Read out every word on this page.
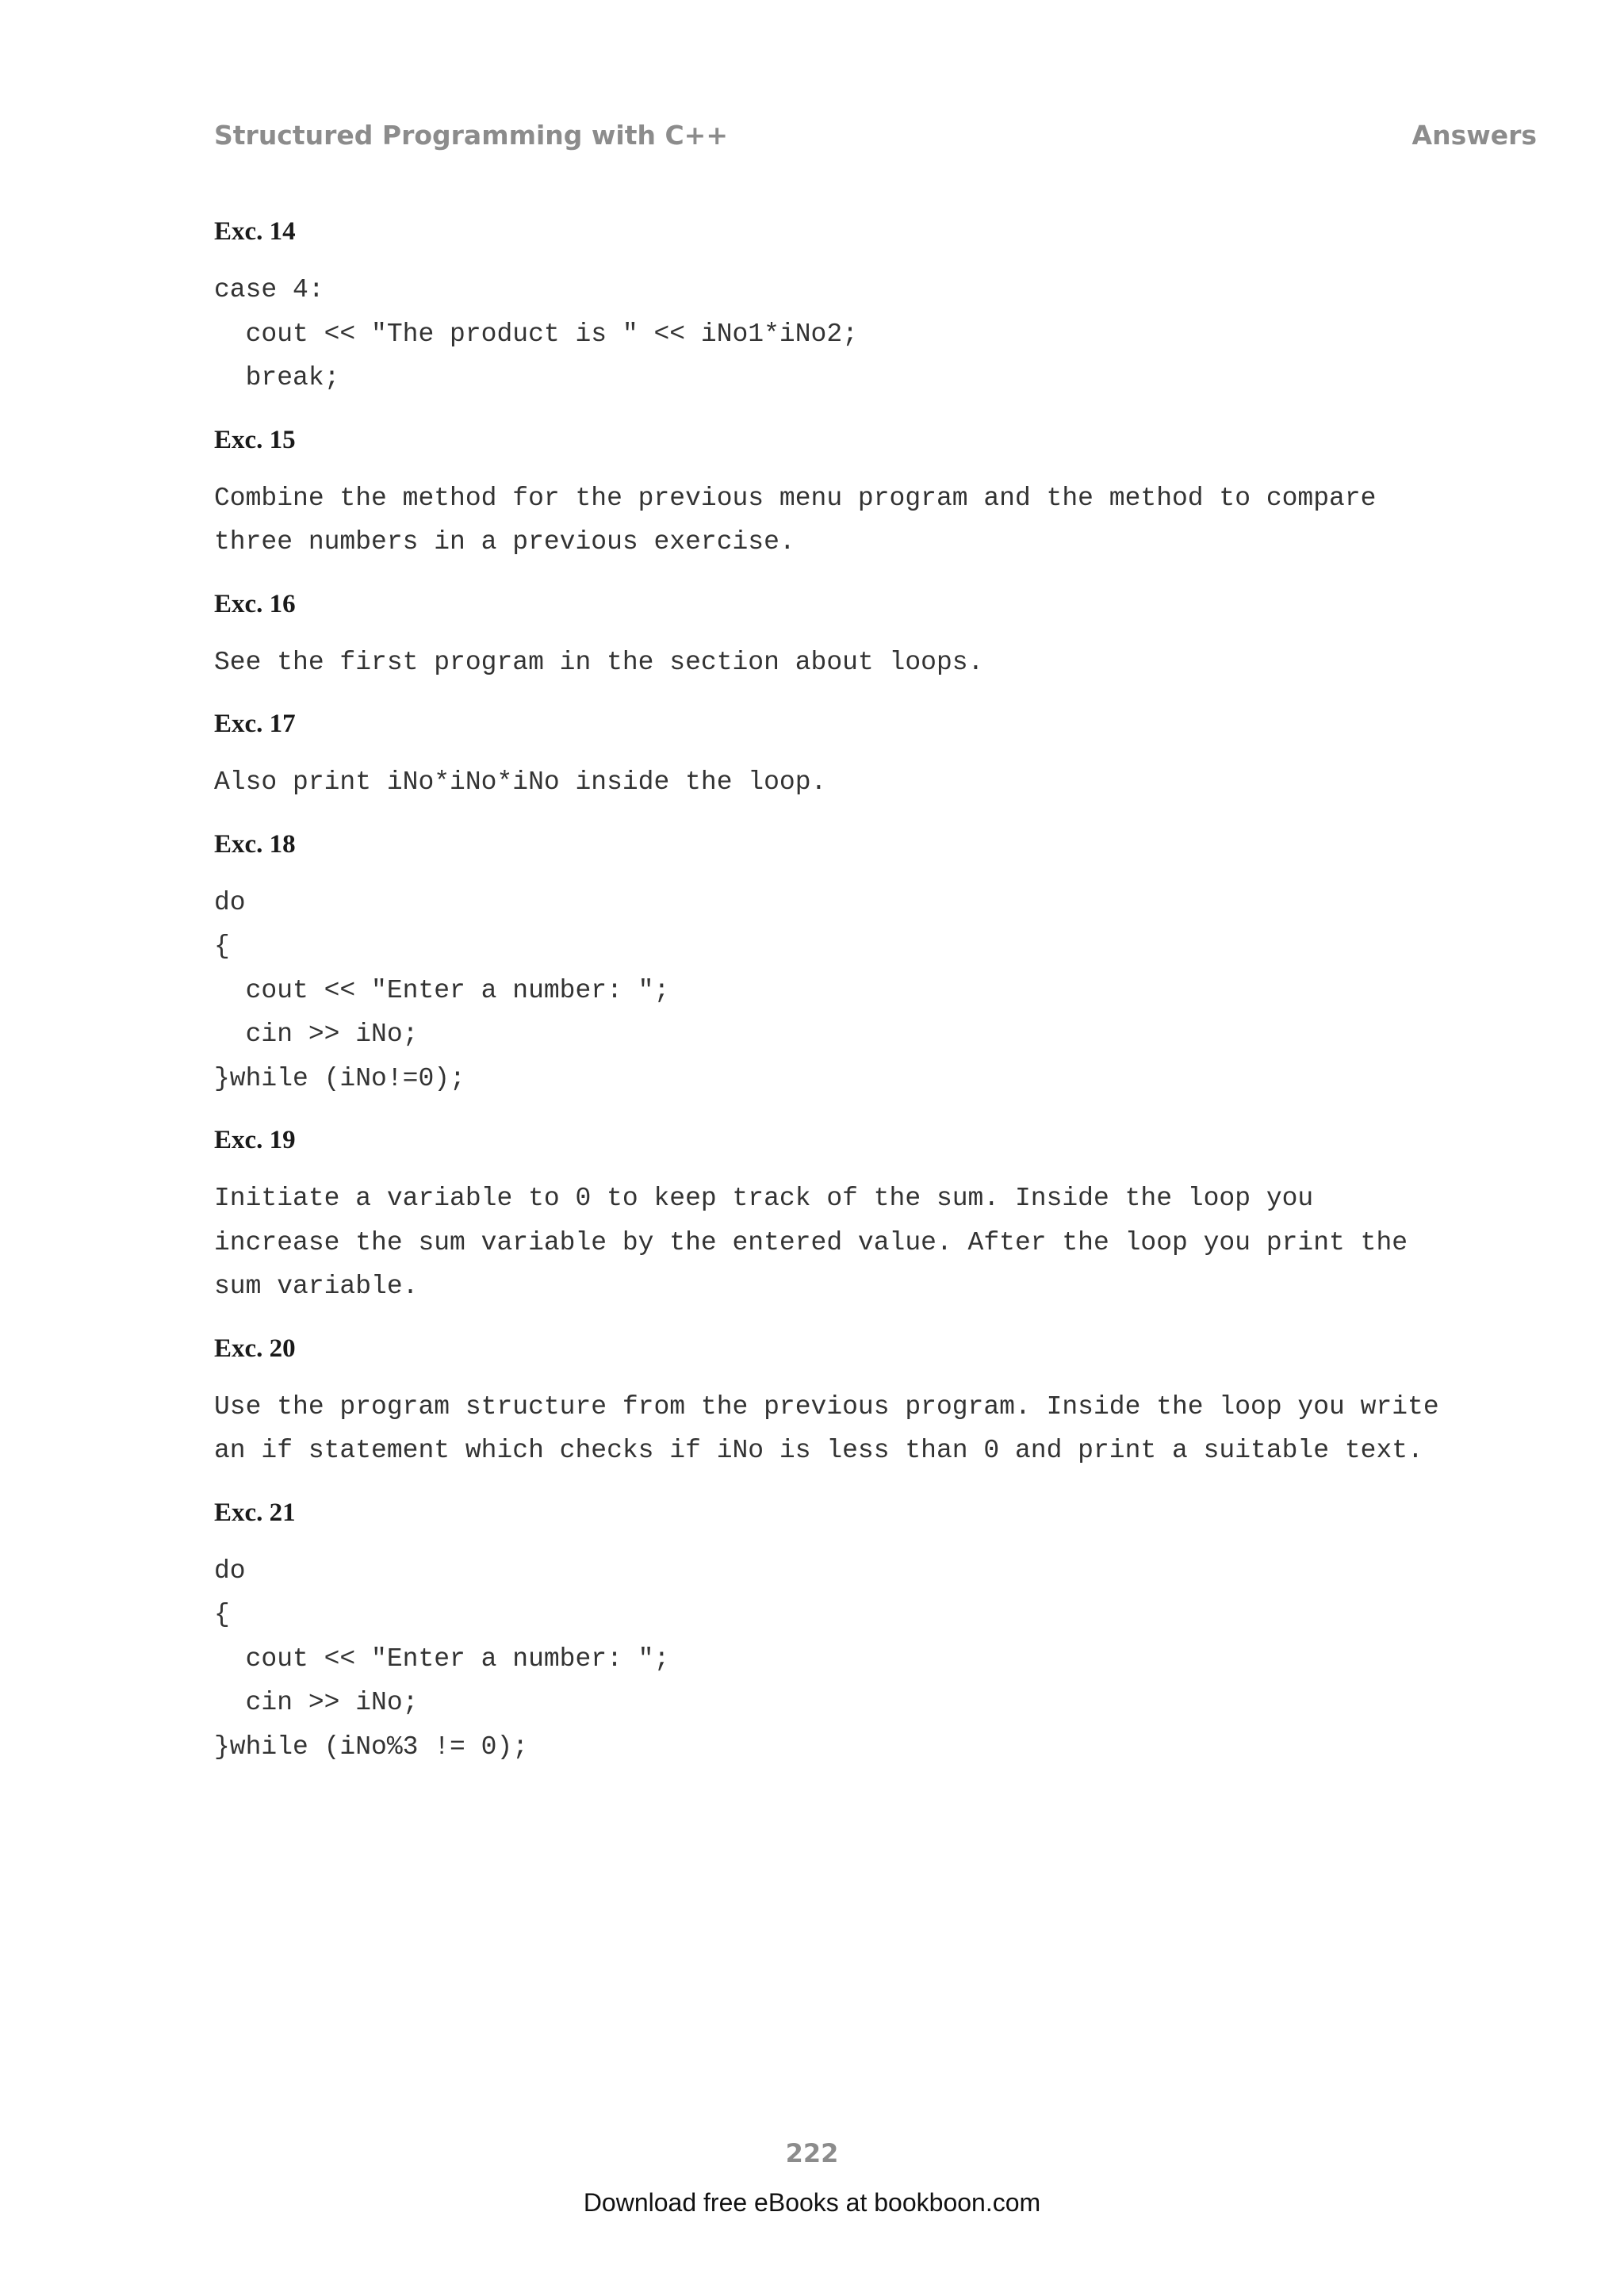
Structured Programming with C++	Answers
Exc. 14
case 4:
cout << "The product is " << iNo1*iNo2;
break;
Exc. 15
Combine the method for the previous menu program and the method to compare
three numbers in a previous exercise.
Exc. 16
See the first program in the section about loops.
Exc. 17
Also print iNo*iNo*iNo inside the loop.
Exc. 18
do
{
cout << "Enter a number: ";
cin >> iNo;
}while (iNo!=0);
Exc. 19
Initiate a variable to 0 to keep track of the sum. Inside the loop you
increase the sum variable by the entered value. After the loop you print the
sum variable.
Exc. 20
Use the program structure from the previous program. Inside the loop you write
an if statement which checks if iNo is less than 0 and print a suitable text.
Exc. 21
do
{
cout << "Enter a number: ";
cin >> iNo;
}while (iNo%3 != 0);
222
Download free eBooks at bookboon.com
